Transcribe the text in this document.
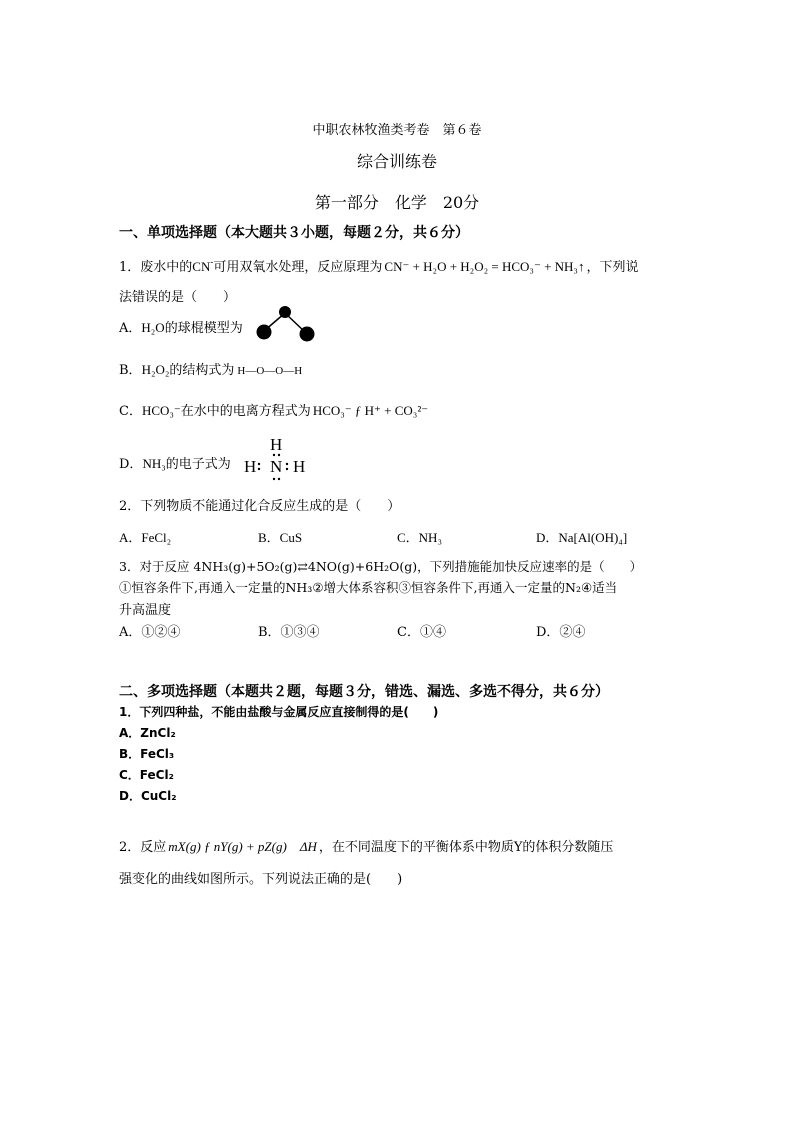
中职农林牧渔类考卷　第６卷
综合训练卷
第一部分　化学　20分
一、单项选择题（本大题共３小题，每题２分，共６分）
1．废水中的CN-可用双氧水处理，反应原理为 CN⁻ + H₂O + H₂O₂ = HCO₃⁻ + NH₃↑ ，下列说
法错误的是（　　）
A．H₂O的球棍模型为
B．H₂O₂的结构式为 H—O—O—H
C．HCO₃⁻在水中的电离方程式为 HCO₃⁻ ƒ H⁺ + CO₃²⁻
D．NH₃的电子式为
H
H N H
2．下列物质不能通过化合反应生成的是（　　）
A．FeCl₂	B．CuS	C．NH₃	D．Na[Al(OH)₄]
3．对于反应 4NH₃(g)+5O₂(g)⇄4NO(g)+6H₂O(g)，下列措施能加快反应速率的是（　　）
①恒容条件下,再通入一定量的NH₃②增大体系容积③恒容条件下,再通入一定量的N₂④适当
升高温度
A．①②④	B．①③④	C．①④	D．②④
二、多项选择题（本题共２题，每题３分，错选、漏选、多选不得分，共６分）
1．下列四种盐，不能由盐酸与金属反应直接制得的是(　　)
A．ZnCl₂
B．FeCl₃
C．FeCl₂
D．CuCl₂
2．反应 mX(g) ƒ nY(g) + pZ(g)　ΔH ，在不同温度下的平衡体系中物质Y的体积分数随压
强变化的曲线如图所示。下列说法正确的是(　　)
